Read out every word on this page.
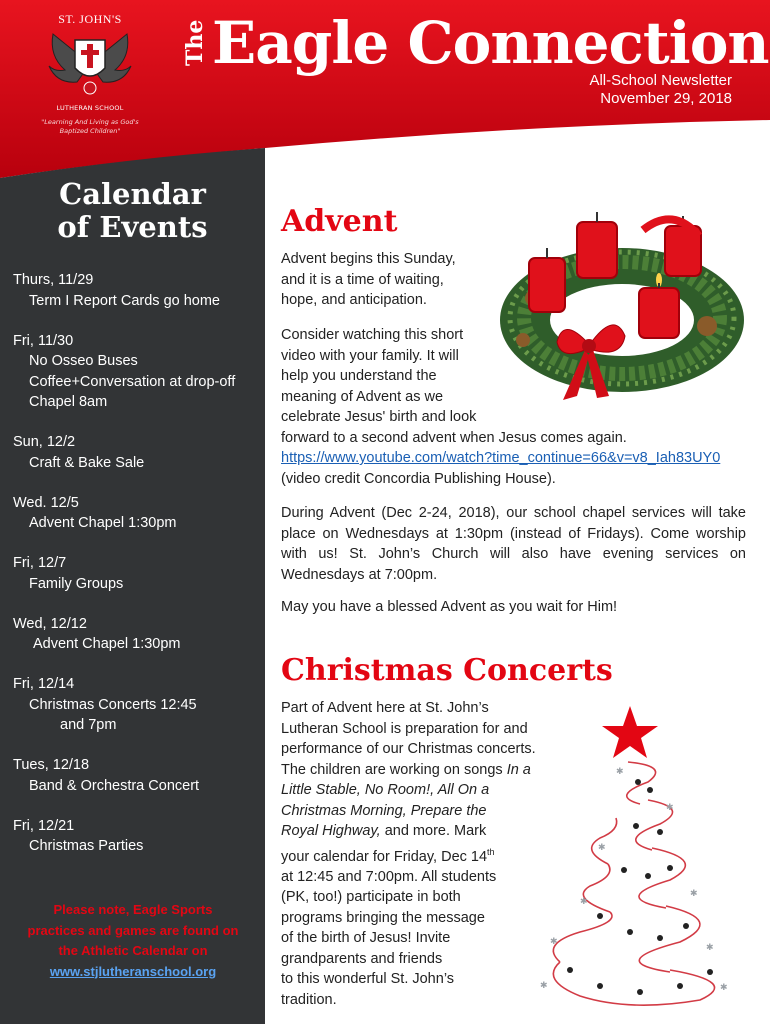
ST. JOHN'S
LUTHERAN SCHOOL
"Learning And Living as God's Baptized Children"
The Eagle Connection
All-School Newsletter
November 29, 2018
Calendar
of Events
Thurs, 11/29
Term I Report Cards go home
Fri, 11/30
No Osseo Buses
Coffee+Conversation at drop-off
Chapel 8am
Sun, 12/2
Craft & Bake Sale
Wed. 12/5
Advent Chapel 1:30pm
Fri, 12/7
Family Groups
Wed, 12/12
Advent Chapel 1:30pm
Fri, 12/14
Christmas Concerts 12:45
and 7pm
Tues, 12/18
Band & Orchestra Concert
Fri, 12/21
Christmas Parties
Please note, Eagle Sports
practices and games are found on
the Athletic Calendar on
www.stjlutheranschool.org
Advent
Advent begins this Sunday,
and it is a time of waiting,
hope, and anticipation.
Consider watching this short
video with your family. It will
help you understand the
meaning of Advent as we
celebrate Jesus' birth and look
forward to a second advent when Jesus comes again.
https://www.youtube.com/watch?time_continue=66&v=v8_Iah83UY0 (video credit Concordia Publishing House).
During Advent (Dec 2-24, 2018), our school chapel services will take place on Wednesdays at 1:30pm (instead of Fridays). Come worship with us! St. John’s Church will also have evening services on Wednesdays at 7:00pm.
May you have a blessed Advent as you wait for Him!
Christmas Concerts
✱
✱
✱
✱
✱
✱
✱
✱
✱
Part of Advent here at St. John’s
Lutheran School is preparation for and
performance of our Christmas concerts.
The children are working on songs In a
Little Stable, No Room!, All On a
Christmas Morning, Prepare the
Royal Highway, and more. Mark
your calendar for Friday, Dec 14th
at 12:45 and 7:00pm. All students
(PK, too!) participate in both
programs bringing the message
of the birth of Jesus! Invite
grandparents and friends
to this wonderful St. John’s
tradition.
